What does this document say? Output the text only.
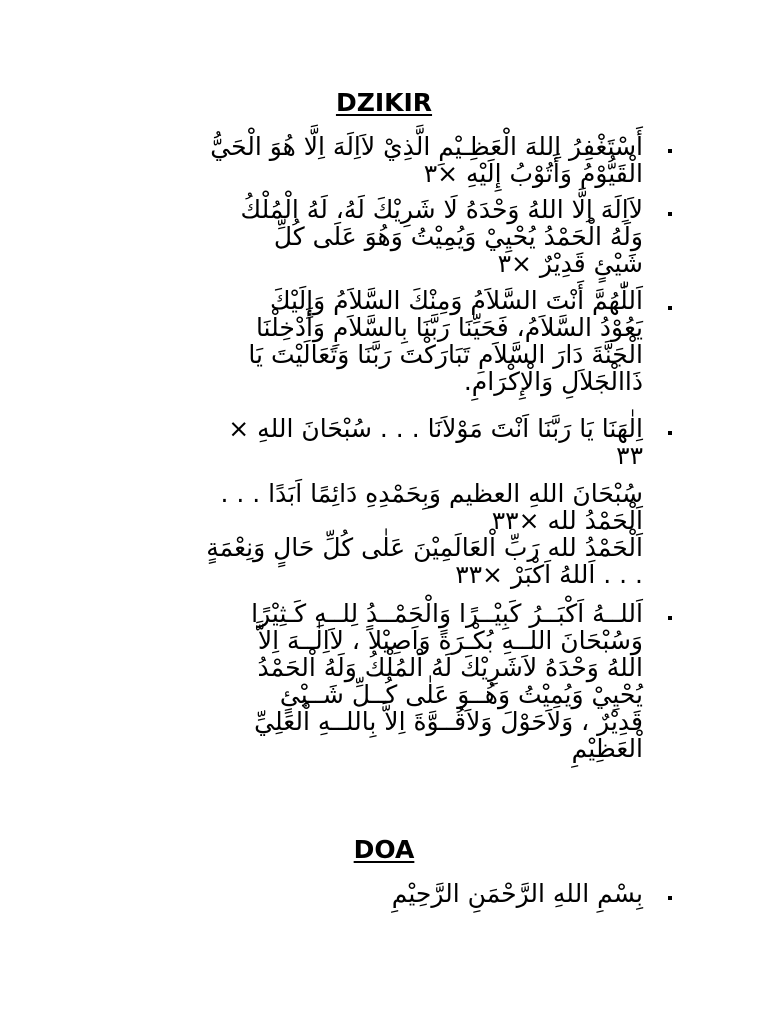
DZIKIR
أَسْتَغْفِرُ اِللهَ الْعَظِـيْمِ الَّذِيْ لاَاِلَهَ اِلَّا هُوَ الْحَيُّ
الْقَيُّوْمُ وَأَتُوْبُ إِلَيْهِ ×٣
لاَاِلَهَ اِلَّا اللهُ وَحْدَهُ لَا شَرِيْكَ لَهُ، لَهُ الْمُلْكُ
وَلَهُ الْحَمْدُ يُحْيِيْ وَيُمِيْتُ وَهُوَ عَلَى كُلِّ
شَيْئٍ قَدِيْرٌ ×٣
اَللّٰهُمَّ أَنْتَ السَّلاَمُ وَمِنْكَ السَّلاَمُ وَإِلَيْكَ
يَعُوْدُ السَّلاَمُ، فَحَيِّنَا رَبَّنَا بِالسَّلاَمِ وَأَدْخِلْنَا
الْجَنَّةَ دَارَ السَّلاَمِ تَبَارَكْتَ رَبَّنَا وَتَعَالَيْتَ يَا
ذَاالْجَلاَلِ وَالْإِكْرَامِ.
اِلٰهَنَا يَا رَبَّنَا اَنْتَ مَوْلاَنَا . . . سُبْحَانَ اللهِ ×
٣٣
سُبْحَانَ اللهِ العظيم وَبِحَمْدِهِ دَائِمًا اَبَدًا . . .
اَلْحَمْدُ لله ×٣٣
اَلْحَمْدُ لله رَبِّ اْلعَالَمِيْنَ عَلٰى كُلِّ حَالٍ وَنِعْمَةٍ
. . . اَللهُ اَكْبَرْ ×٣٣
اَللــهُ اَكْبَــرُ كَبِيْــرًا وَالْحَمْــدُ لِلــهِ كَـثِيْرًا
وَسُبْحَانَ اللــهِ بُكْـرَةً وَاَصِيْلاً ، لاَاِلٰــهَ اِلاَّ
اللهُ وَحْدَهُ لاَشَرِيْكَ لَهُ اْلمُلْكُ وَلَهُ اْلحَمْدُ
يُحْيِيْ وَيُمِيْتُ وَهُــوَ عَلٰى كُــلِّ شَــيْئٍ
قَدِيْرٌ ، وَلاَحَوْلَ وَلاَقُــوَّةَ اِلاَّ بِاللــهِ اْلعَلِيِّ
اْلعَظِيْمِ
DOA
بِسْمِ اللهِ الرَّحْمَنِ الرَّحِيْمِ
